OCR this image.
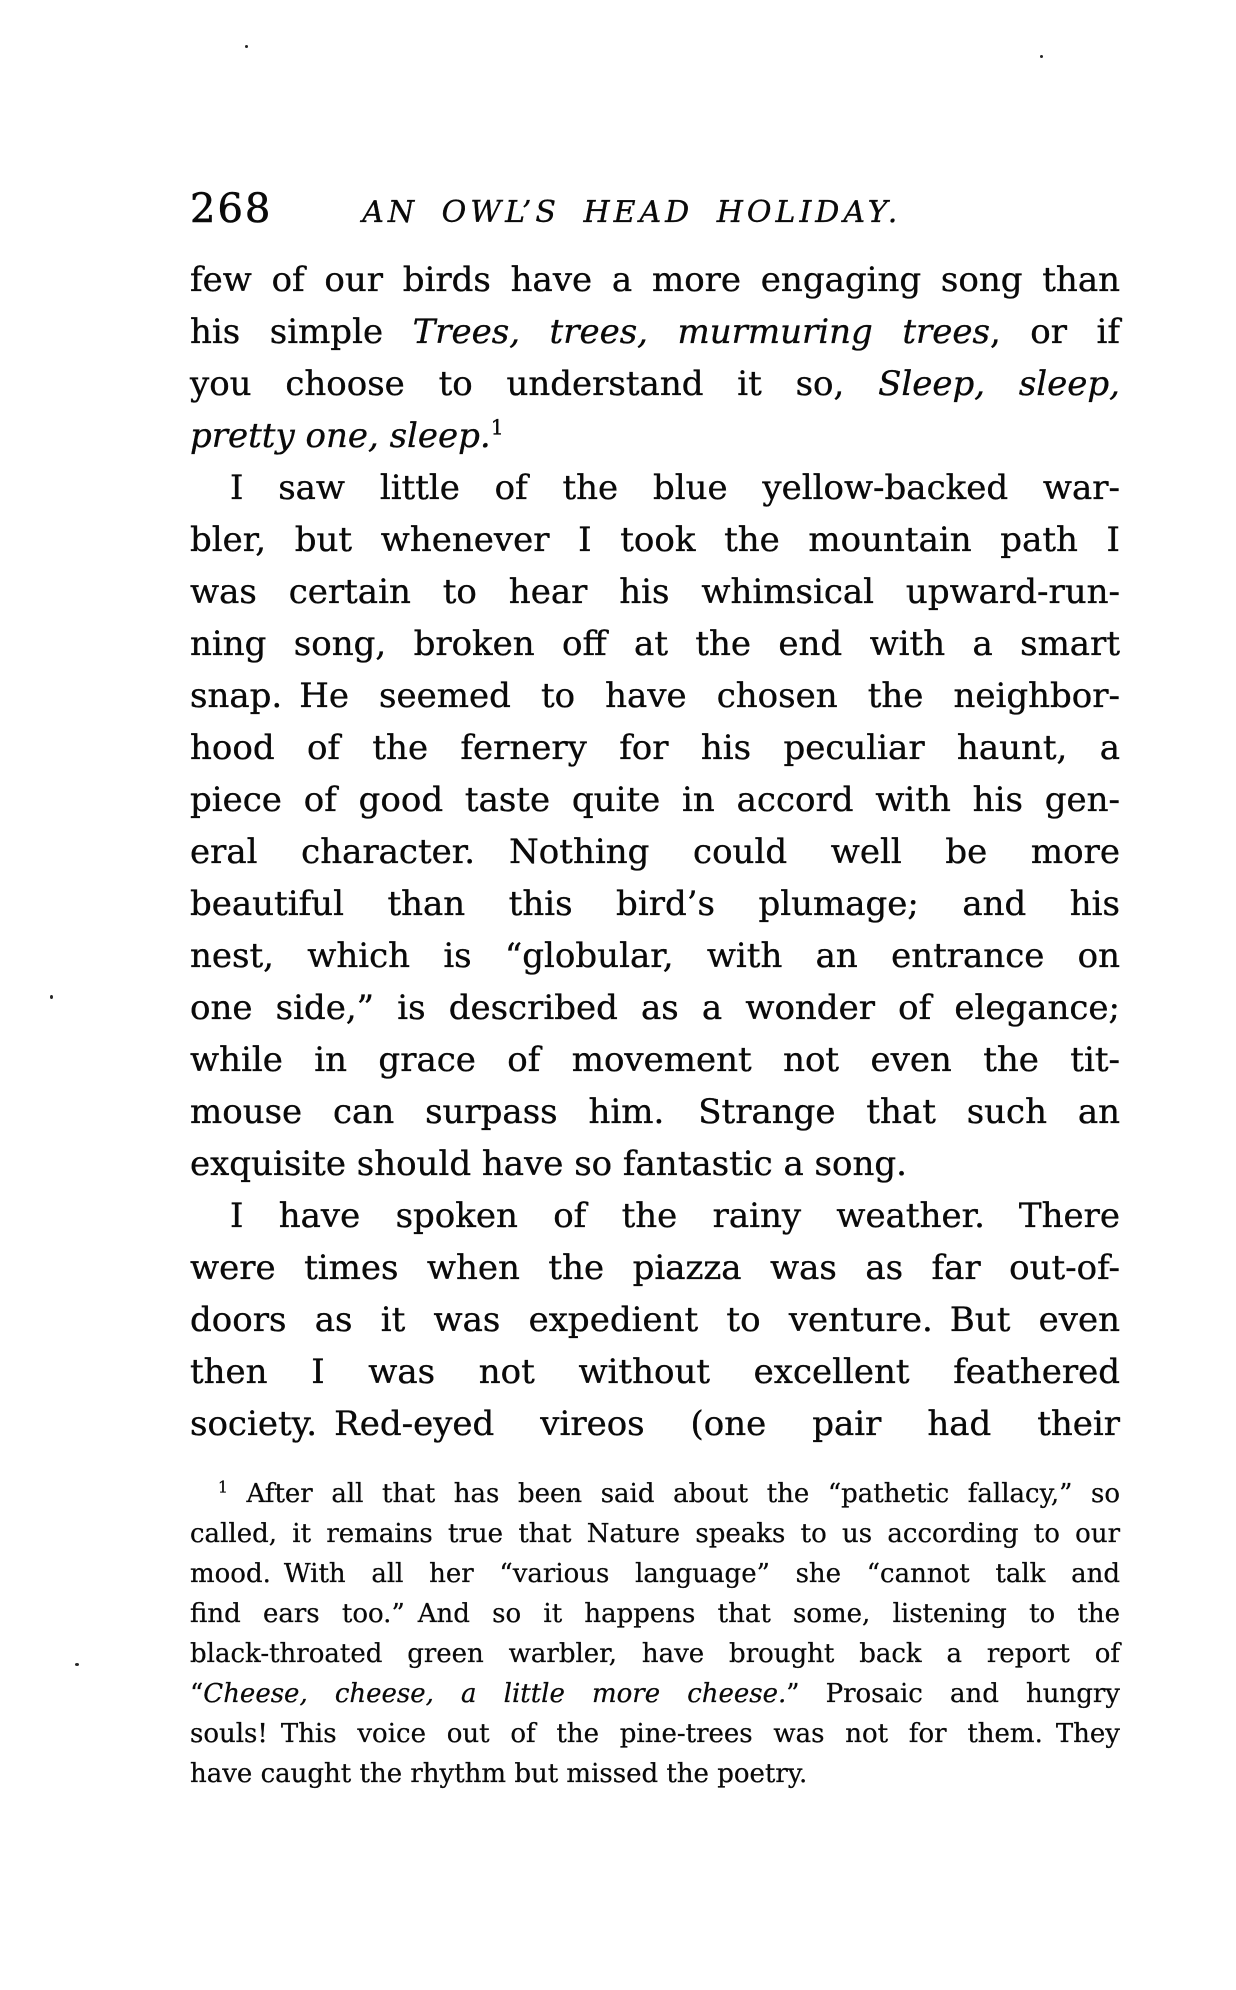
268	AN OWL’S HEAD HOLIDAY.
few of our birds have a more engaging song than
his simple Trees, trees, murmuring trees, or if
you choose to understand it so, Sleep, sleep,
pretty one, sleep.$^1$
I saw little of the blue yellow-backed war-
bler, but whenever I took the mountain path I
was certain to hear his whimsical upward-run-
ning song, broken off at the end with a smart
snap. He seemed to have chosen the neighbor-
hood of the fernery for his peculiar haunt, a
piece of good taste quite in accord with his gen-
eral character. Nothing could well be more
beautiful than this bird’s plumage; and his
nest, which is “globular, with an entrance on
one side,” is described as a wonder of elegance;
while in grace of movement not even the tit-
mouse can surpass him. Strange that such an
exquisite should have so fantastic a song.
I have spoken of the rainy weather. There
were times when the piazza was as far out-of-
doors as it was expedient to venture. But even
then I was not without excellent feathered
society. Red-eyed vireos (one pair had their
$^1$ After all that has been said about the “pathetic fallacy,” so
called, it remains true that Nature speaks to us according to our
mood. With all her “various language” she “cannot talk and
find ears too.” And so it happens that some, listening to the
black-throated green warbler, have brought back a report of
“Cheese, cheese, a little more cheese.” Prosaic and hungry
souls! This voice out of the pine-trees was not for them. They
have caught the rhythm but missed the poetry.
